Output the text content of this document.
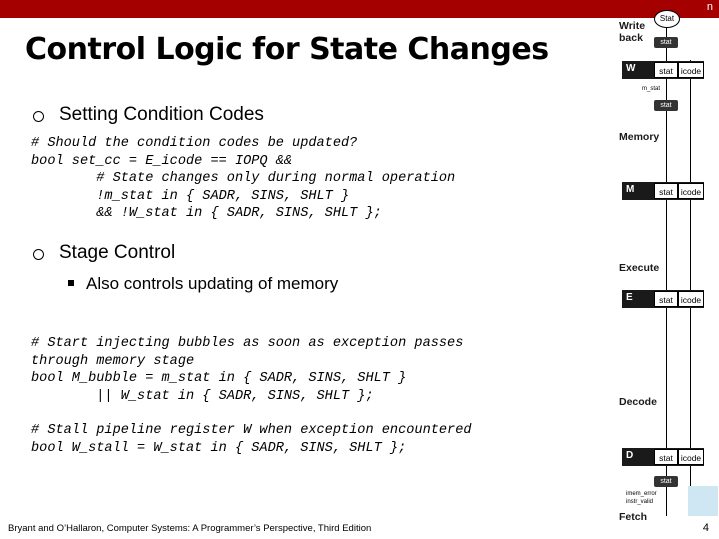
n
Control Logic for State Changes
Setting Condition Codes
# Should the condition codes be updated?
bool set_cc = E_icode == IOPQ &&
# State changes only during normal operation
!m_stat in { SADR, SINS, SHLT }
&& !W_stat in { SADR, SINS, SHLT };
Stage Control
Also controls updating of memory
# Start injecting bubbles as soon as exception passes
through memory stage
bool M_bubble = m_stat in { SADR, SINS, SHLT }
|| W_stat in { SADR, SINS, SHLT };
# Stall pipeline register W when exception encountered
bool W_stall = W_stat in { SADR, SINS, SHLT };
Bryant and O’Hallaron, Computer Systems: A Programmer’s Perspective, Third Edition	4
Write back
Stat
stat
W	stat icode
m_stat
stat
Memory
M	stat icode
Execute
E	stat icode
Decode
D	stat icode
stat
imem_error
instr_valid
Fetch
